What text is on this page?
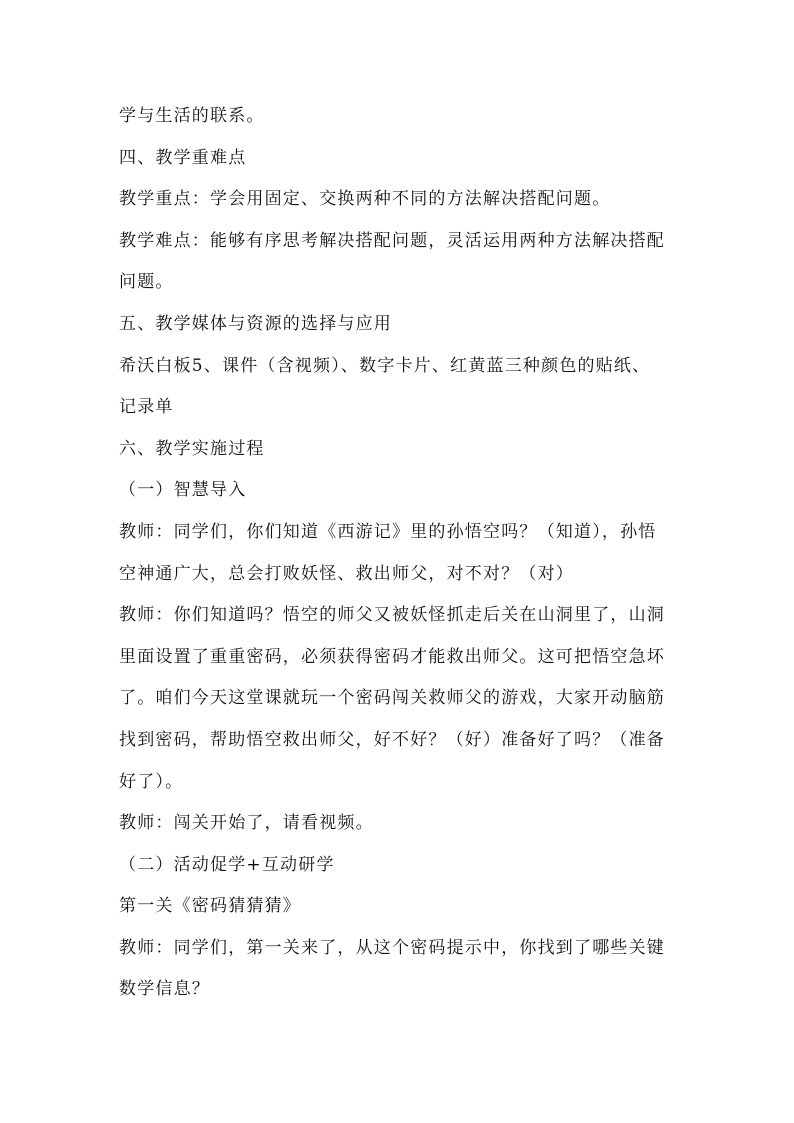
学与生活的联系。
四、教学重难点
教学重点：学会用固定、交换两种不同的方法解决搭配问题。
教学难点：能够有序思考解决搭配问题，灵活运用两种方法解决搭配
问题。
五、教学媒体与资源的选择与应用
希沃白板5、课件（含视频）、数字卡片、红黄蓝三种颜色的贴纸、
记录单
六、教学实施过程
（一）智慧导入
教师：同学们，你们知道《西游记》里的孙悟空吗？（知道），孙悟
空神通广大，总会打败妖怪、救出师父，对不对？（对）
教师：你们知道吗？悟空的师父又被妖怪抓走后关在山洞里了，山洞
里面设置了重重密码，必须获得密码才能救出师父。这可把悟空急坏
了。咱们今天这堂课就玩一个密码闯关救师父的游戏，大家开动脑筋
找到密码，帮助悟空救出师父，好不好？（好）准备好了吗？（准备
好了）。
教师：闯关开始了，请看视频。
（二）活动促学+互动研学
第一关《密码猜猜猜》
教师：同学们，第一关来了，从这个密码提示中，你找到了哪些关键
数学信息？
